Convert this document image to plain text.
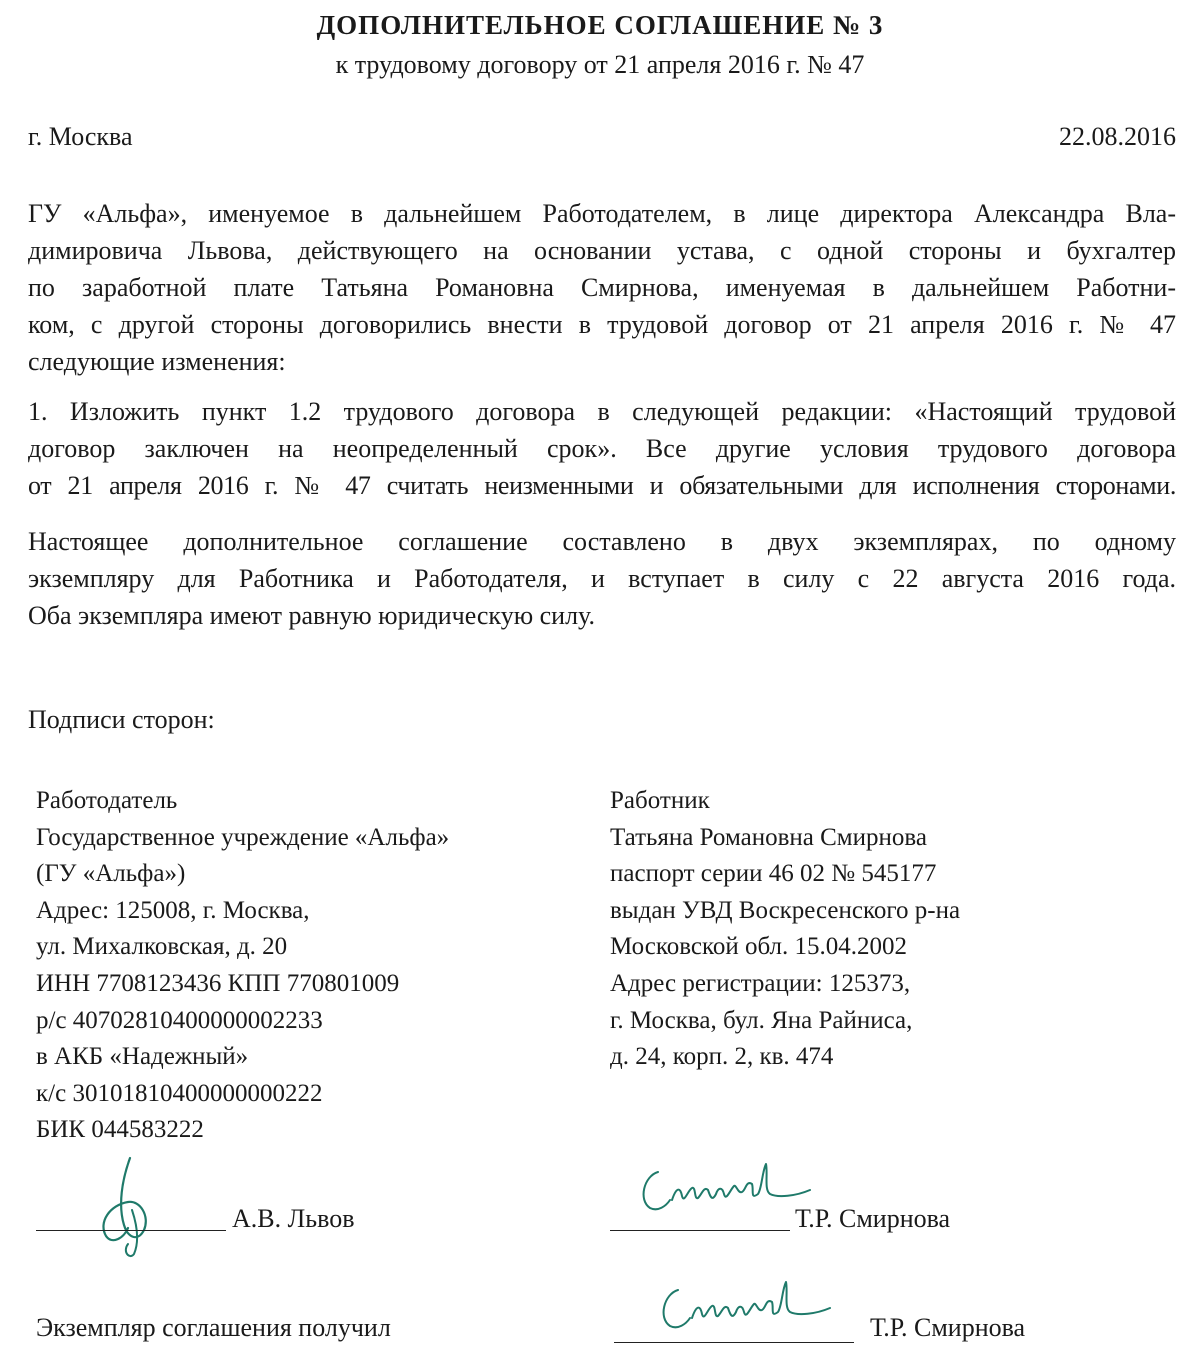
ДОПОЛНИТЕЛЬНОЕ СОГЛАШЕНИЕ № 3
к трудовому договору от 21 апреля 2016 г. № 47
г. Москва	22.08.2016
ГУ «Альфа», именуемое в дальнейшем Работодателем, в лице директора Александра Вла-
димировича Львова, действующего на основании устава, с одной стороны и бухгалтер
по заработной плате Татьяна Романовна Смирнова, именуемая в дальнейшем Работни-
ком, с другой стороны договорились внести в трудовой договор от 21 апреля 2016 г. № 47
следующие изменения:
1. Изложить пункт 1.2 трудового договора в следующей редакции: «Настоящий трудовой
договор заключен на неопределенный срок». Все другие условия трудового договора
от 21 апреля 2016 г. № 47 считать неизменными и обязательными для исполнения сторонами.
Настоящее дополнительное соглашение составлено в двух экземплярах, по одному
экземпляру для Работника и Работодателя, и вступает в силу с 22 августа 2016 года.
Оба экземпляра имеют равную юридическую силу.
Подписи сторон:
Работодатель
Государственное учреждение «Альфа»
(ГУ «Альфа»)
Адрес: 125008, г. Москва,
ул. Михалковская, д. 20
ИНН 7708123436 КПП 770801009
р/с 40702810400000002233
в АКБ «Надежный»
к/с 30101810400000000222
БИК 044583222
Работник
Татьяна Романовна Смирнова
паспорт серии 46 02 № 545177
выдан УВД Воскресенского р-на
Московской обл. 15.04.2002
Адрес регистрации: 125373,
г. Москва, бул. Яна Райниса,
д. 24, корп. 2, кв. 474
А.В. Львов	Т.Р. Смирнова
Экземпляр соглашения получил	Т.Р. Смирнова
